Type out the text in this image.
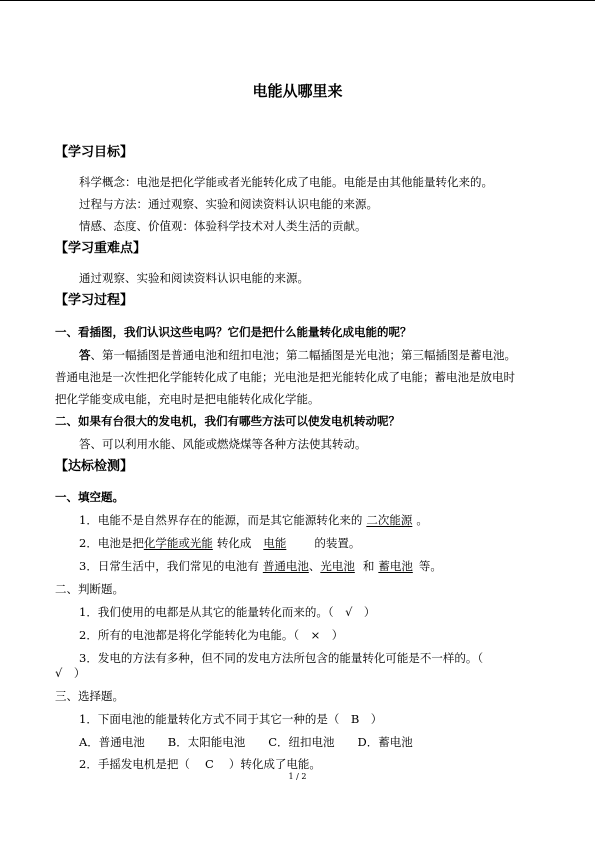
电能从哪里来
【学习目标】
科学概念：电池是把化学能或者光能转化成了电能。电能是由其他能量转化来的。
过程与方法：通过观察、实验和阅读资料认识电能的来源。
情感、态度、价值观：体验科学技术对人类生活的贡献。
【学习重难点】
通过观察、实验和阅读资料认识电能的来源。
【学习过程】
一、看插图，我们认识这些电吗？它们是把什么能量转化成电能的呢？
答、第一幅插图是普通电池和纽扣电池；第二幅插图是光电池；第三幅插图是蓄电池。
普通电池是一次性把化学能转化成了电能；光电池是把光能转化成了电能；蓄电池是放电时
把化学能变成电能，充电时是把电能转化成化学能。
二、如果有台很大的发电机，我们有哪些方法可以使发电机转动呢？
答、可以利用水能、风能或燃烧煤等各种方法使其转动。
【达标检测】
一、填空题。
1．电能不是自然界存在的能源，而是其它能源转化来的 二次能源 。
2．电池是把化学能或光能 转化成 电能 的装置。
3．日常生活中，我们常见的电池有 普通电池、光电池 和 蓄电池 等。
二、判断题。
1．我们使用的电都是从其它的能量转化而来的。（　√　）
2．所有的电池都是将化学能转化为电能。（　×　）
3．发电的方法有多种，但不同的发电方法所包含的能量转化可能是不一样的。（
√　）
三、选择题。
1．下面电池的能量转化方式不同于其它一种的是（　B　）
A．普通电池　　B．太阳能电池　　C．纽扣电池　　D．蓄电池
2．手摇发电机是把（　 C　 ）转化成了电能。
1 / 2
